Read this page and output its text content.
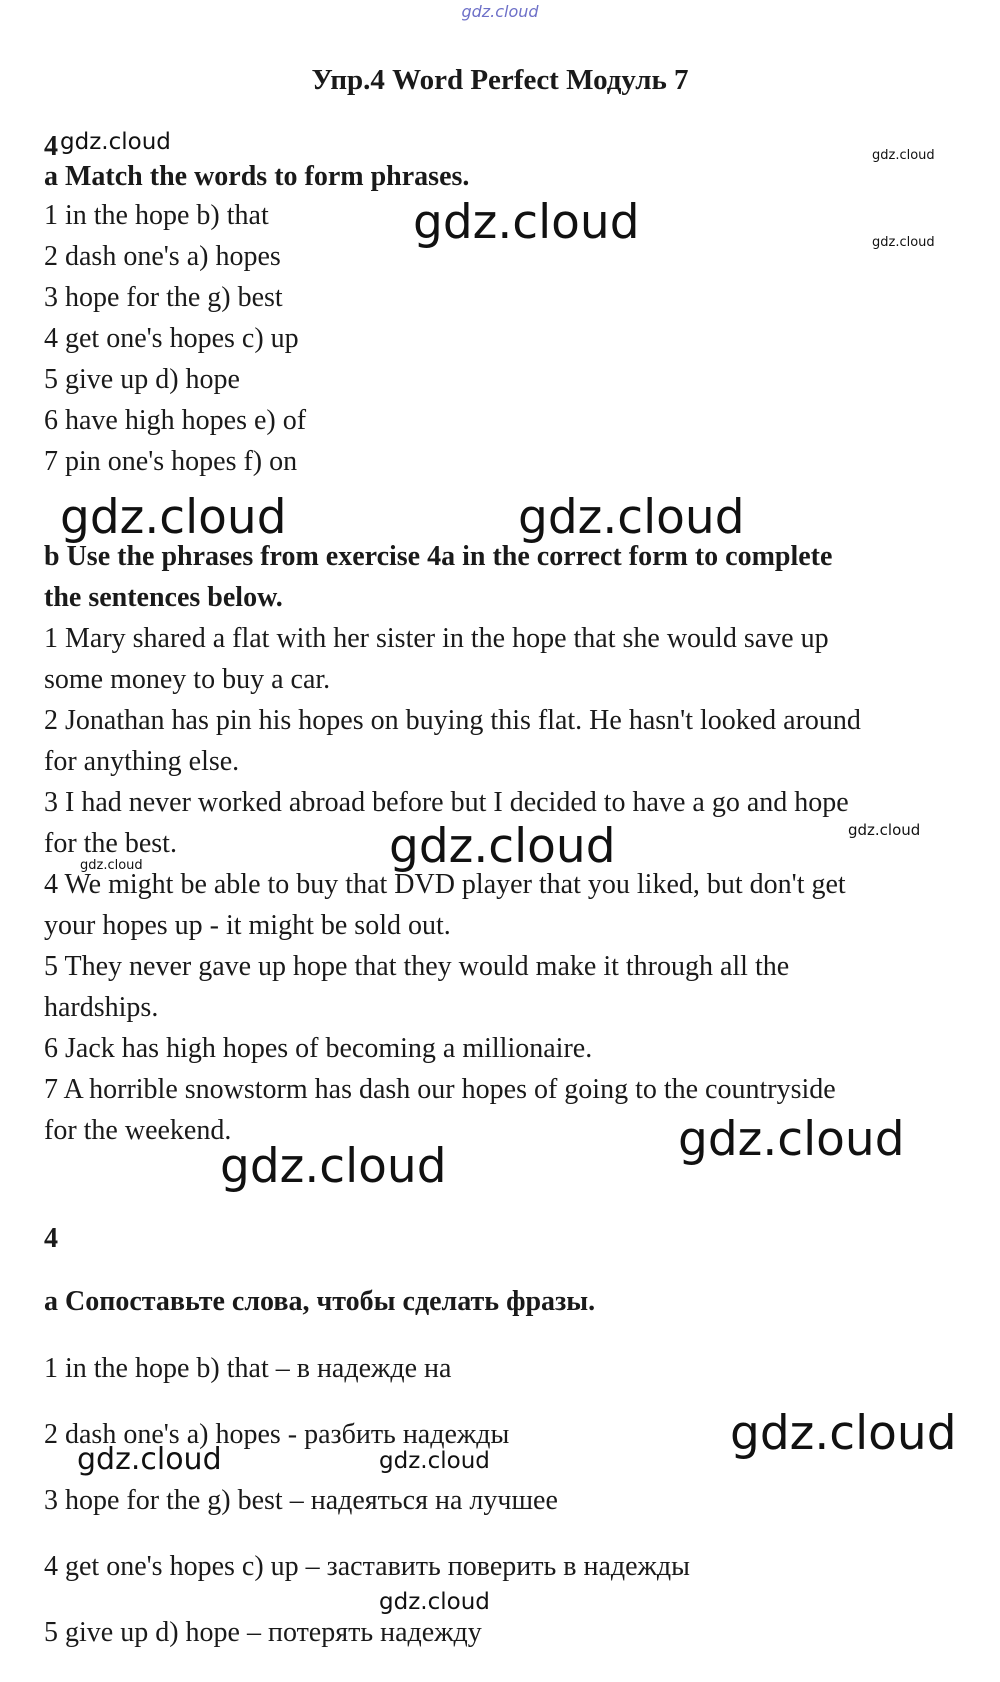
gdz.cloud
Упр.4 Word Perfect Модуль 7
4
a Match the words to form phrases.
1 in the hope b) that
2 dash one's a) hopes
3 hope for the g) best
4 get one's hopes c) up
5 give up d) hope
6 have high hopes e) of
7 pin one's hopes f) on
b Use the phrases from exercise 4a in the correct form to complete
the sentences below.
1 Mary shared a flat with her sister in the hope that she would save up
some money to buy a car.
2 Jonathan has pin his hopes on buying this flat. He hasn't looked around
for anything else.
3 I had never worked abroad before but I decided to have a go and hope
for the best.
4 We might be able to buy that DVD player that you liked, but don't get
your hopes up - it might be sold out.
5 They never gave up hope that they would make it through all the
hardships.
6 Jack has high hopes of becoming a millionaire.
7 A horrible snowstorm has dash our hopes of going to the countryside
for the weekend.
4
a Сопоставьте слова, чтобы сделать фразы.
1 in the hope b) that – в надежде на
2 dash one's a) hopes - разбить надежды
3 hope for the g) best – надеяться на лучшее
4 get one's hopes c) up – заставить поверить в надежды
5 give up d) hope – потерять надежду
gdz.cloud
gdz.cloud
gdz.cloud	gdz.cloud
gdz.cloud	gdz.cloud
gdz.cloud	gdz.cloud
gdz.cloud
gdz.cloud
gdz.cloud
gdz.cloud
gdz.cloud	gdz.cloud
gdz.cloud
